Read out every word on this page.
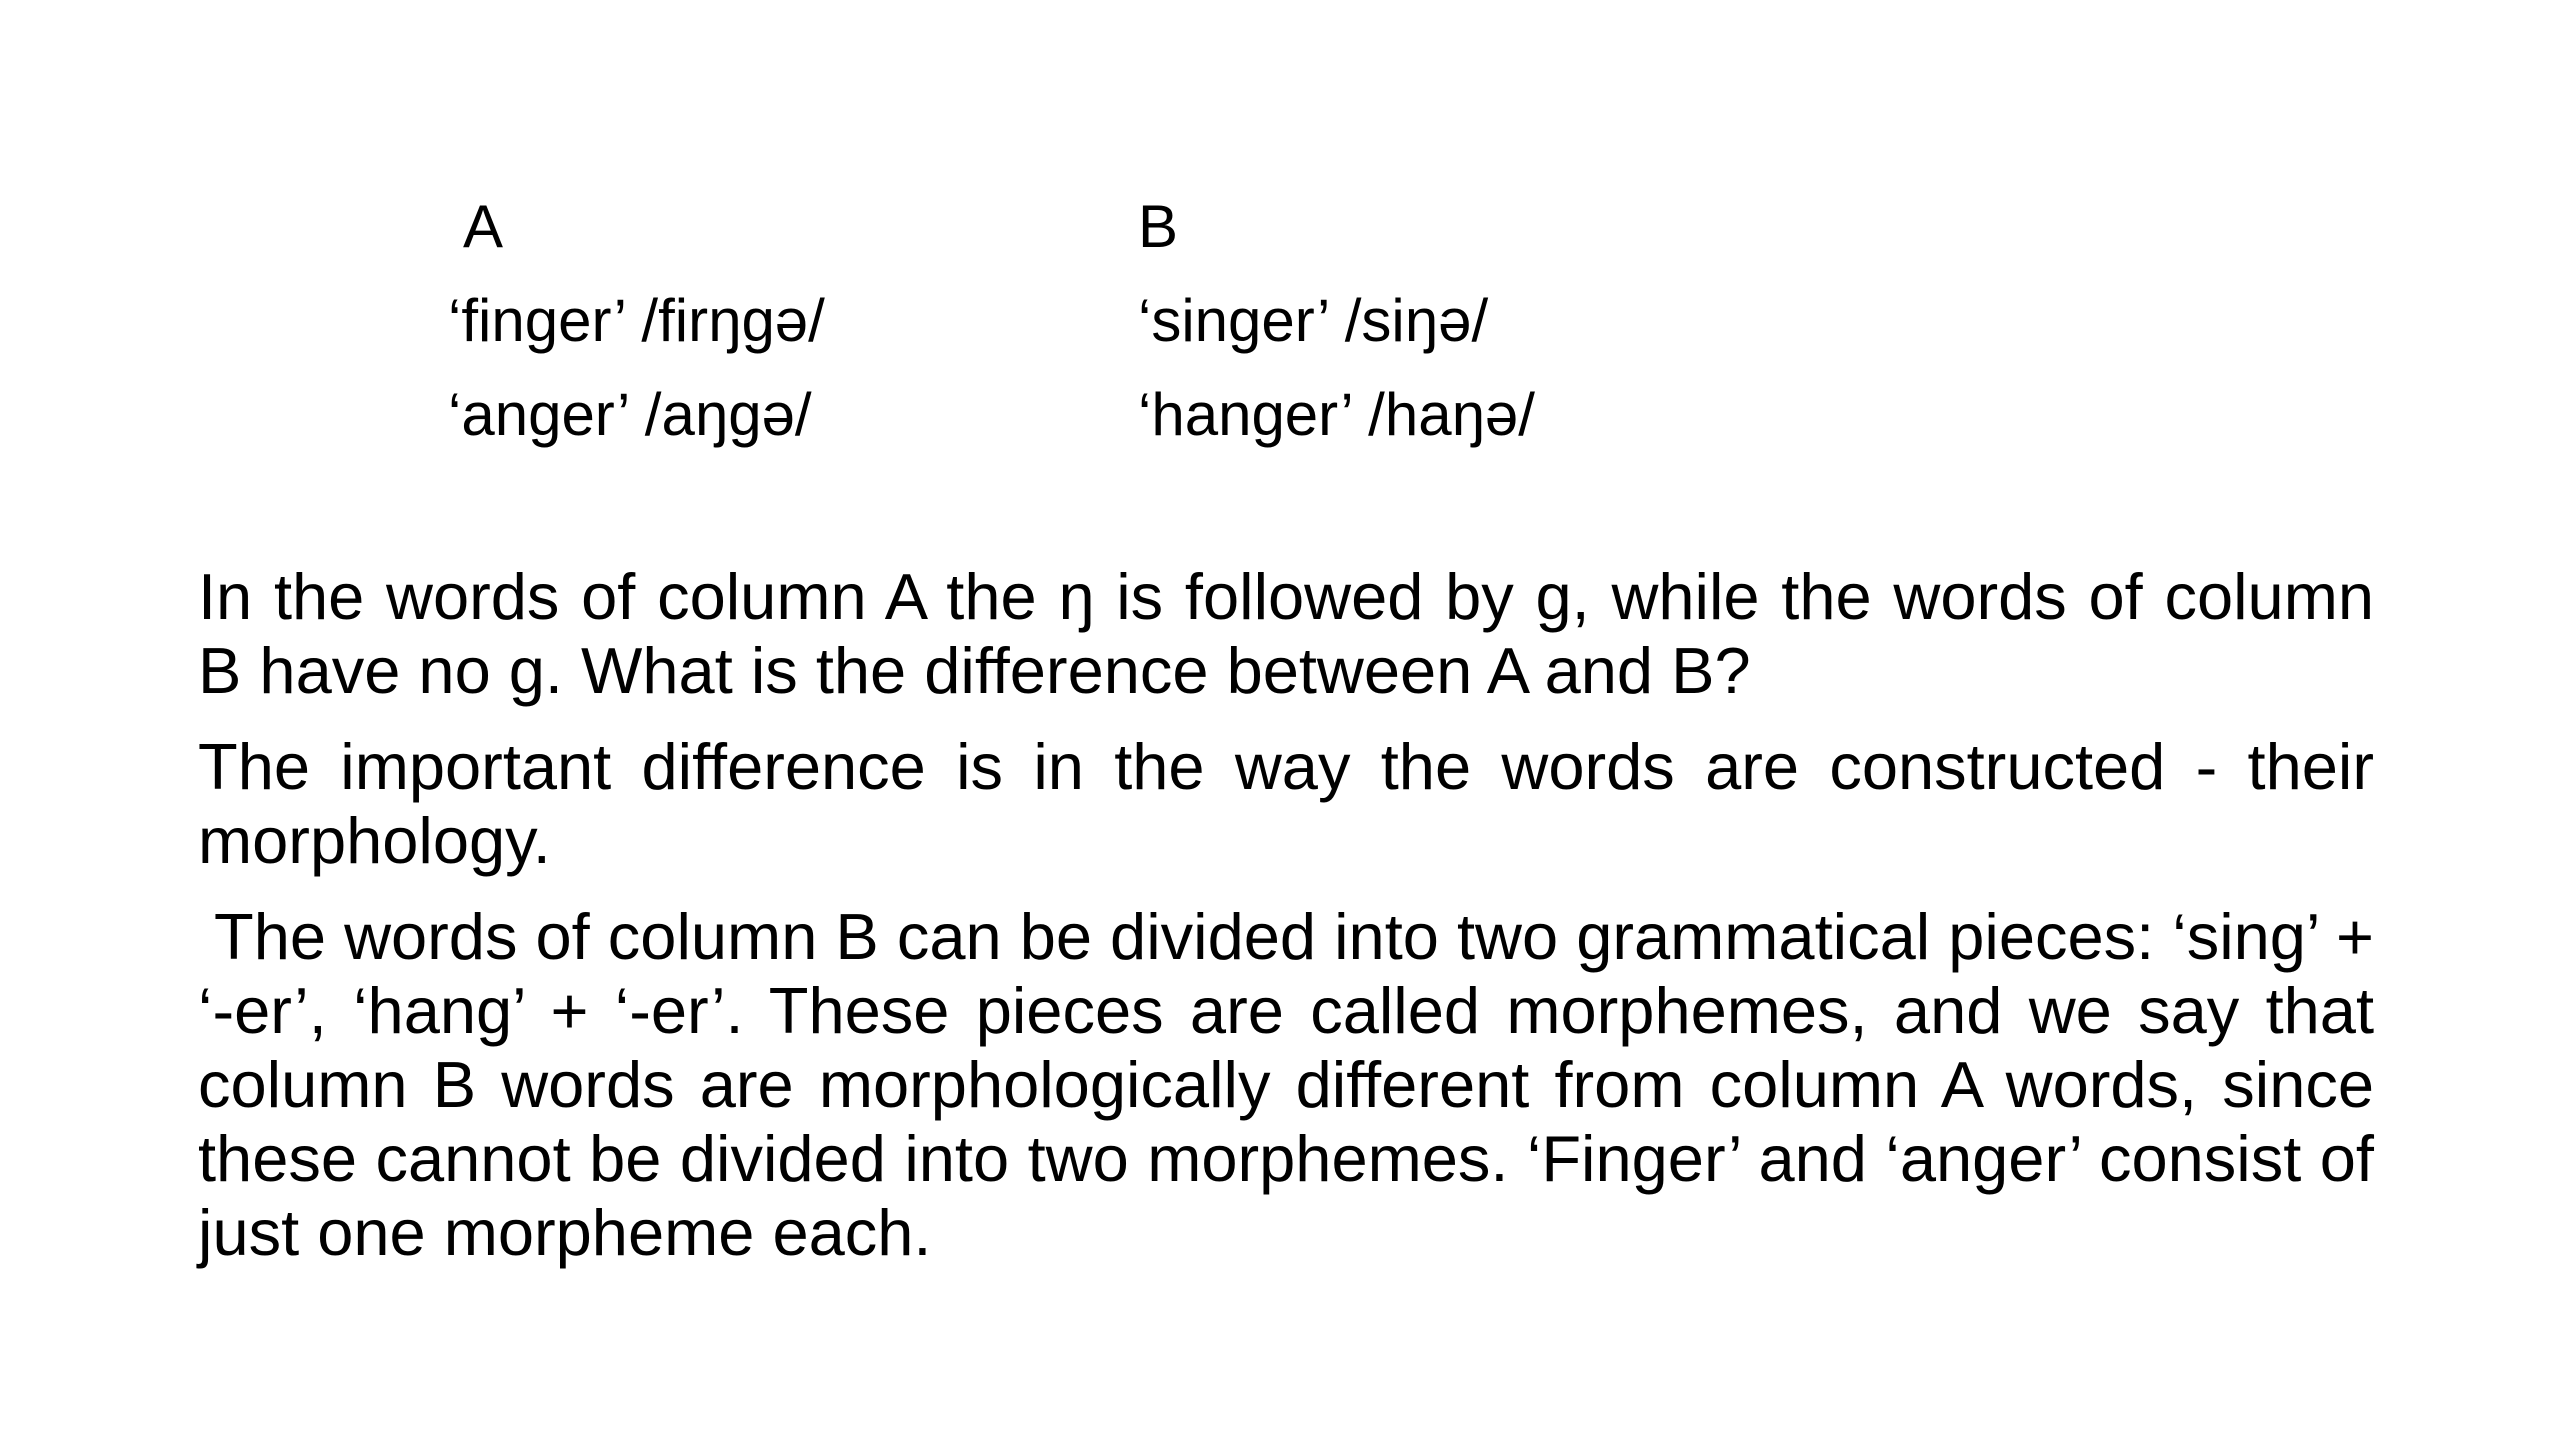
A	B
‘finger’ /firŋgə/	‘singer’ /siŋə/
‘anger’ /aŋgə/	‘hanger’ /haŋə/

In the words of column A the ŋ is followed by g, while the words of column B have no g. What is the difference between A and B?

The important difference is in the way the words are constructed - their morphology.

The words of column B can be divided into two grammatical pieces: ‘sing’ + ‘-er’, ‘hang’ + ‘-er’. These pieces are called morphemes, and we say that column B words are morphologically different from column A words, since these cannot be divided into two morphemes. ‘Finger’ and ‘anger’ consist of just one morpheme each.
